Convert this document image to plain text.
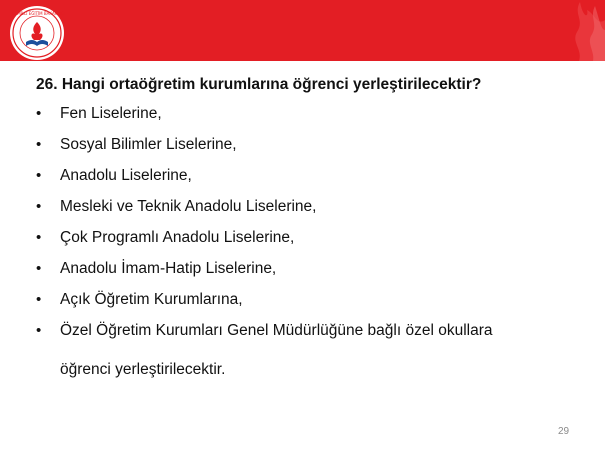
T.C. MİLLİ EĞİTİM BAKANLIĞI
26. Hangi ortaöğretim kurumlarına öğrenci yerleştirilecektir?
• Fen Liselerine,
• Sosyal Bilimler Liselerine,
• Anadolu Liselerine,
• Mesleki ve Teknik Anadolu Liselerine,
• Çok Programlı Anadolu Liselerine,
• Anadolu İmam-Hatip Liselerine,
• Açık Öğretim Kurumlarına,
• Özel Öğretim Kurumları Genel Müdürlüğüne bağlı özel okullara
öğrenci yerleştirilecektir.
29
